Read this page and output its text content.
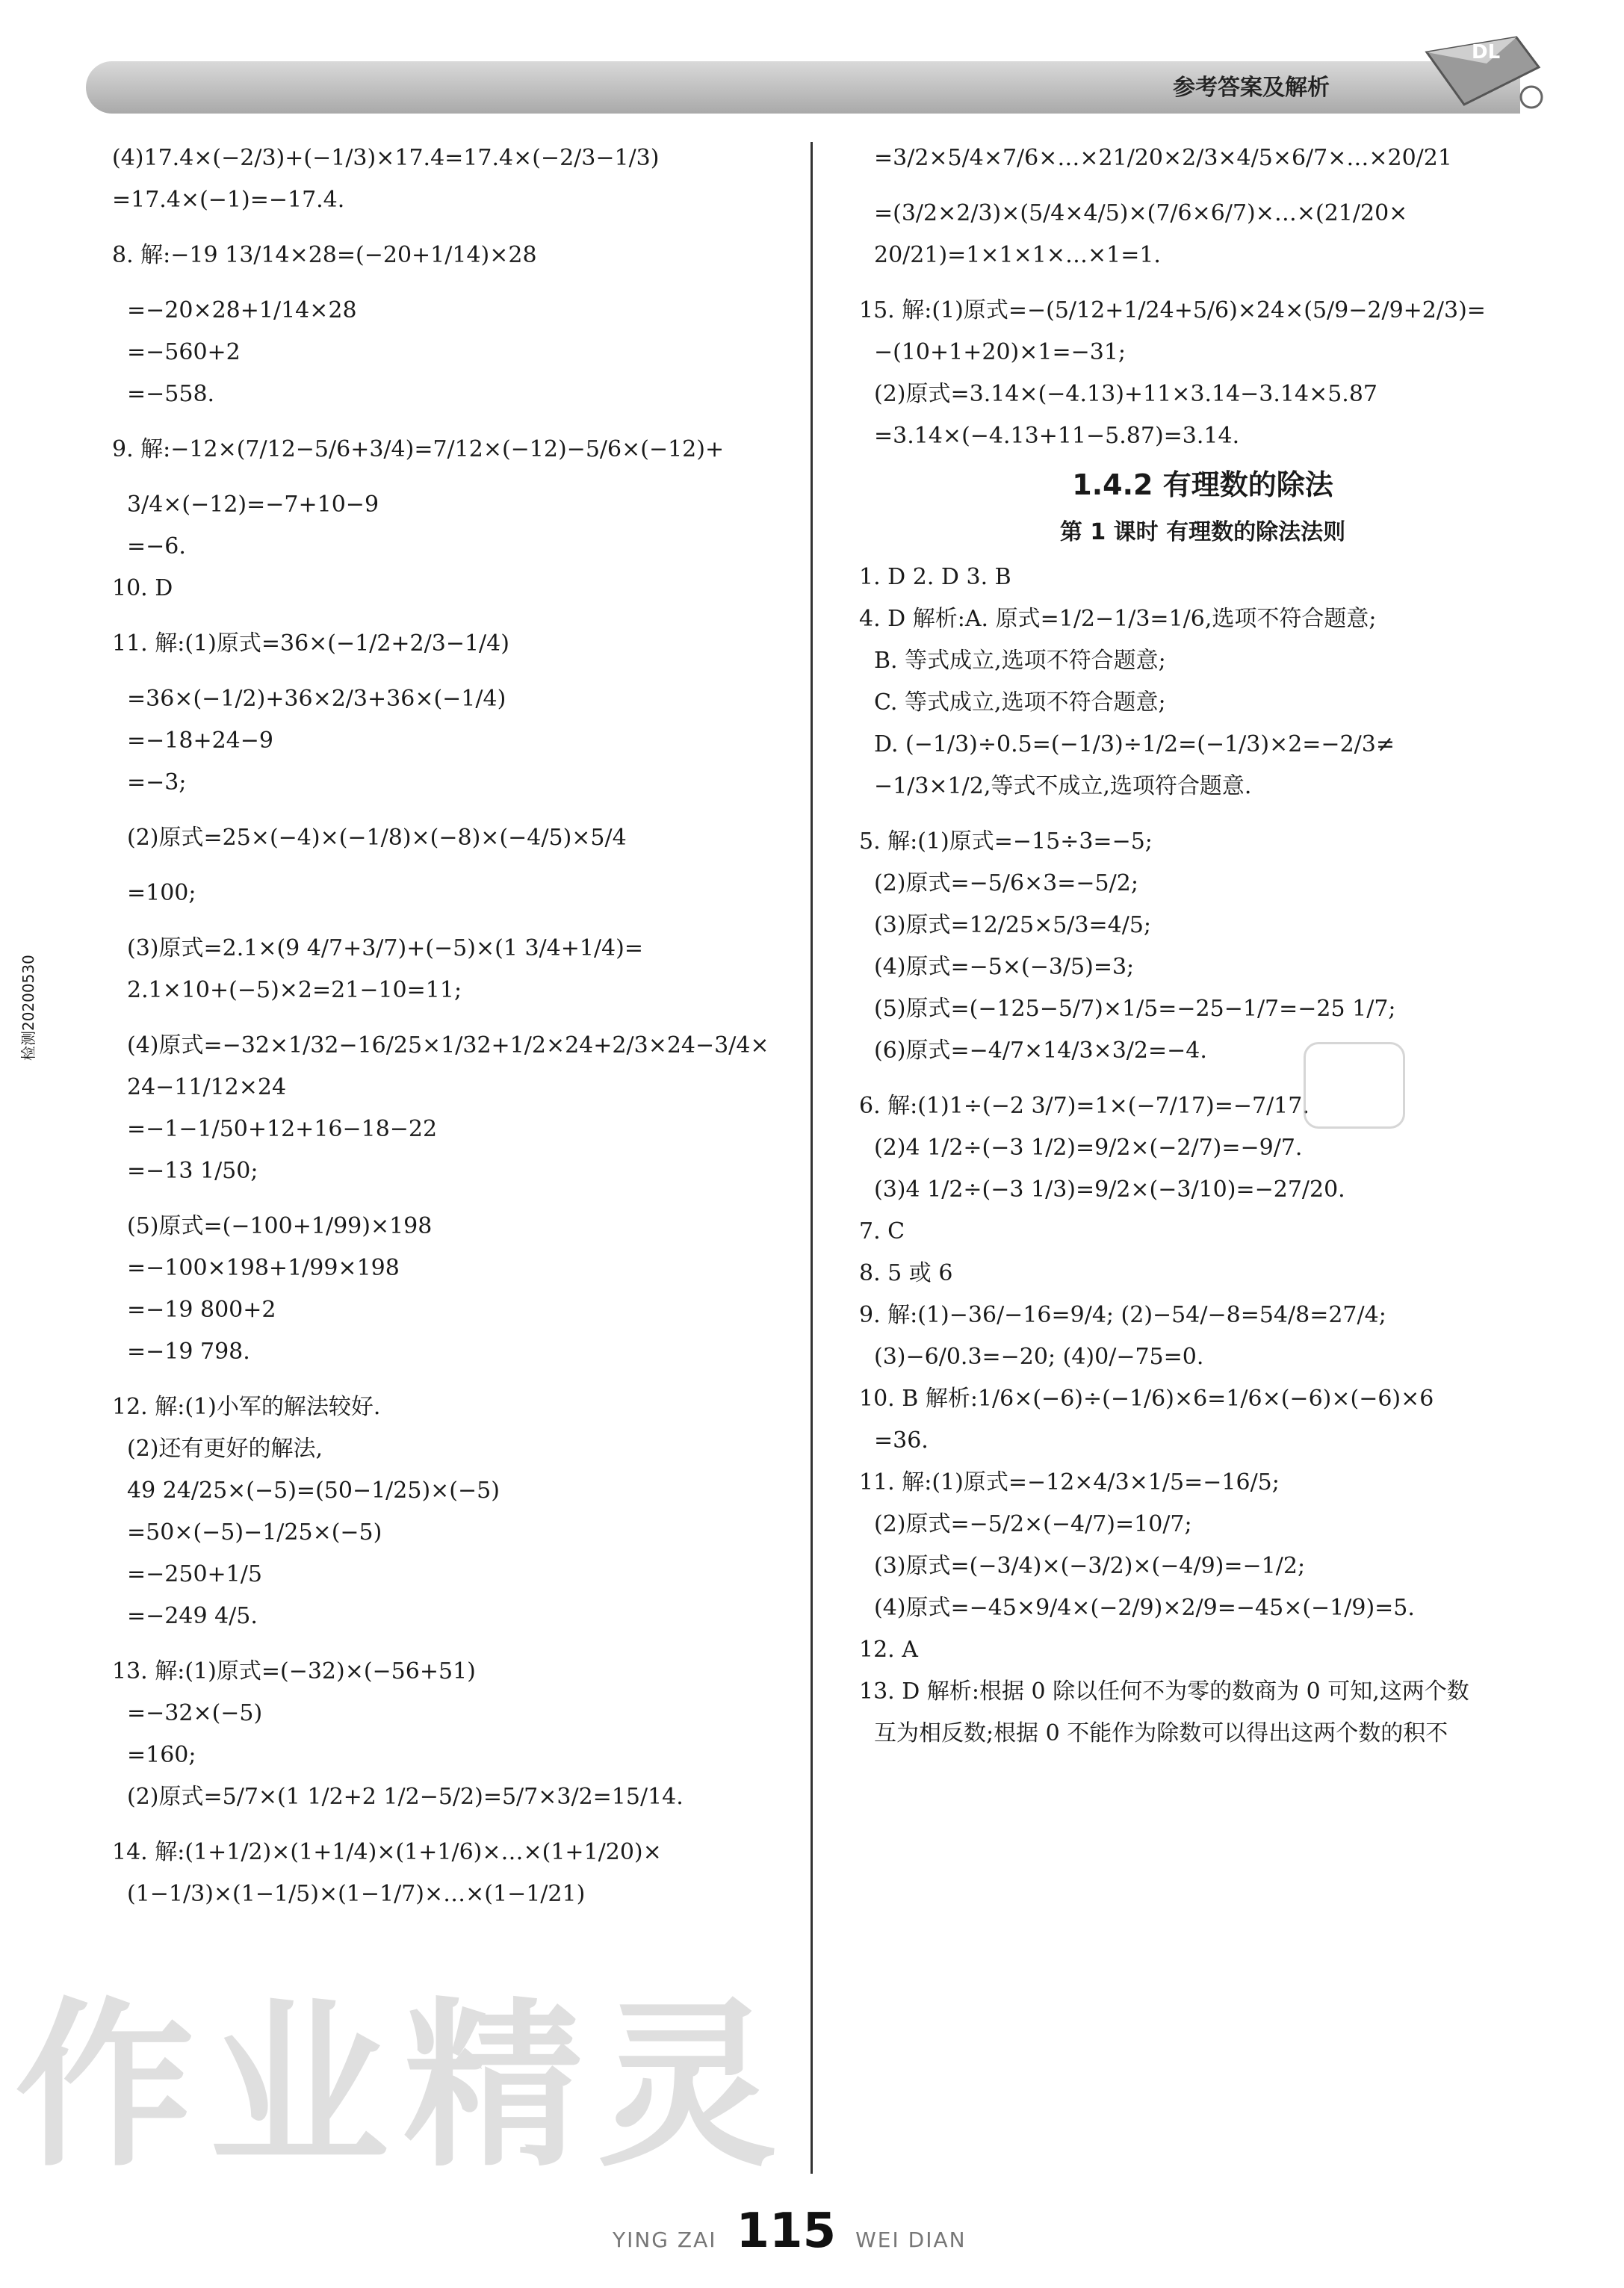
参考答案及解析
DL
检测20200530
(4)17.4×(−2/3)+(−1/3)×17.4=17.4×(−2/3−1/3)
=17.4×(−1)=−17.4.
8. 解:−19 13/14×28=(−20+1/14)×28
=−20×28+1/14×28
=−560+2
=−558.
9. 解:−12×(7/12−5/6+3/4)=7/12×(−12)−5/6×(−12)+
3/4×(−12)=−7+10−9
=−6.
10. D
11. 解:(1)原式=36×(−1/2+2/3−1/4)
=36×(−1/2)+36×2/3+36×(−1/4)
=−18+24−9
=−3;
(2)原式=25×(−4)×(−1/8)×(−8)×(−4/5)×5/4
=100;
(3)原式=2.1×(9 4/7+3/7)+(−5)×(1 3/4+1/4)=
2.1×10+(−5)×2=21−10=11;
(4)原式=−32×1/32−16/25×1/32+1/2×24+2/3×24−3/4×
24−11/12×24
=−1−1/50+12+16−18−22
=−13 1/50;
(5)原式=(−100+1/99)×198
=−100×198+1/99×198
=−19 800+2
=−19 798.
12. 解:(1)小军的解法较好.
(2)还有更好的解法,
49 24/25×(−5)=(50−1/25)×(−5)
=50×(−5)−1/25×(−5)
=−250+1/5
=−249 4/5.
13. 解:(1)原式=(−32)×(−56+51)
=−32×(−5)
=160;
(2)原式=5/7×(1 1/2+2 1/2−5/2)=5/7×3/2=15/14.
14. 解:(1+1/2)×(1+1/4)×(1+1/6)×…×(1+1/20)×
(1−1/3)×(1−1/5)×(1−1/7)×…×(1−1/21)
=3/2×5/4×7/6×…×21/20×2/3×4/5×6/7×…×20/21
=(3/2×2/3)×(5/4×4/5)×(7/6×6/7)×…×(21/20×
20/21)=1×1×1×…×1=1.
15. 解:(1)原式=−(5/12+1/24+5/6)×24×(5/9−2/9+2/3)=
−(10+1+20)×1=−31;
(2)原式=3.14×(−4.13)+11×3.14−3.14×5.87
=3.14×(−4.13+11−5.87)=3.14.
1.4.2 有理数的除法
第 1 课时 有理数的除法法则
1. D 2. D 3. B
4. D 解析:A. 原式=1/2−1/3=1/6,选项不符合题意;
B. 等式成立,选项不符合题意;
C. 等式成立,选项不符合题意;
D. (−1/3)÷0.5=(−1/3)÷1/2=(−1/3)×2=−2/3≠
−1/3×1/2,等式不成立,选项符合题意.
5. 解:(1)原式=−15÷3=−5;
(2)原式=−5/6×3=−5/2;
(3)原式=12/25×5/3=4/5;
(4)原式=−5×(−3/5)=3;
(5)原式=(−125−5/7)×1/5=−25−1/7=−25 1/7;
(6)原式=−4/7×14/3×3/2=−4.
6. 解:(1)1÷(−2 3/7)=1×(−7/17)=−7/17.
(2)4 1/2÷(−3 1/2)=9/2×(−2/7)=−9/7.
(3)4 1/2÷(−3 1/3)=9/2×(−3/10)=−27/20.
7. C
8. 5 或 6
9. 解:(1)−36/−16=9/4; (2)−54/−8=54/8=27/4;
(3)−6/0.3=−20; (4)0/−75=0.
10. B 解析:1/6×(−6)÷(−1/6)×6=1/6×(−6)×(−6)×6
=36.
11. 解:(1)原式=−12×4/3×1/5=−16/5;
(2)原式=−5/2×(−4/7)=10/7;
(3)原式=(−3/4)×(−3/2)×(−4/9)=−1/2;
(4)原式=−45×9/4×(−2/9)×2/9=−45×(−1/9)=5.
12. A
13. D 解析:根据 0 除以任何不为零的数商为 0 可知,这两个数
互为相反数;根据 0 不能作为除数可以得出这两个数的积不
作业精灵
YING ZAI 115 WEI DIAN
